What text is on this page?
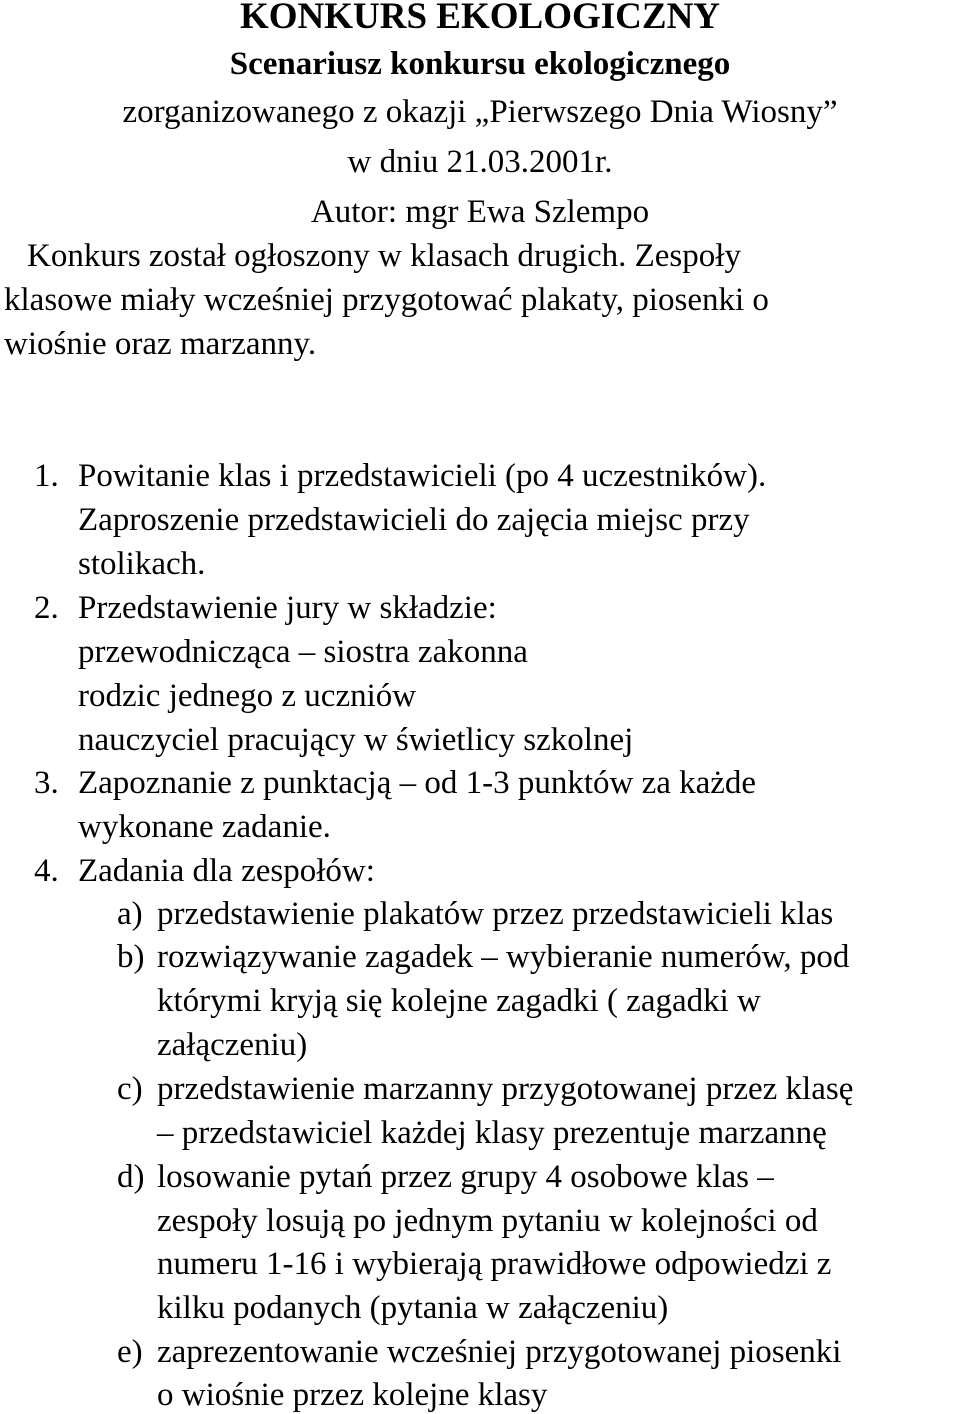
KONKURS EKOLOGICZNY
Scenariusz konkursu ekologicznego
zorganizowanego z okazji „Pierwszego Dnia Wiosny”
w dniu 21.03.2001r.
Autor: mgr Ewa Szlempo
Konkurs został ogłoszony w klasach drugich. Zespoły
klasowe miały wcześniej przygotować plakaty, piosenki o
wiośnie oraz marzanny.
1. Powitanie klas i przedstawicieli (po 4 uczestników).
Zaproszenie przedstawicieli do zajęcia miejsc przy
stolikach.
2. Przedstawienie jury w składzie:
przewodnicząca – siostra zakonna
rodzic jednego z uczniów
nauczyciel pracujący w świetlicy szkolnej
3. Zapoznanie z punktacją – od 1-3 punktów za każde
wykonane zadanie.
4. Zadania dla zespołów:
a) przedstawienie plakatów przez przedstawicieli klas
b) rozwiązywanie zagadek – wybieranie numerów, pod
którymi kryją się kolejne zagadki ( zagadki w
załączeniu)
c) przedstawienie marzanny przygotowanej przez klasę
– przedstawiciel każdej klasy prezentuje marzannę
d) losowanie pytań przez grupy 4 osobowe klas –
zespoły losują po jednym pytaniu w kolejności od
numeru 1-16 i wybierają prawidłowe odpowiedzi z
kilku podanych (pytania w załączeniu)
e) zaprezentowanie wcześniej przygotowanej piosenki
o wiośnie przez kolejne klasy
